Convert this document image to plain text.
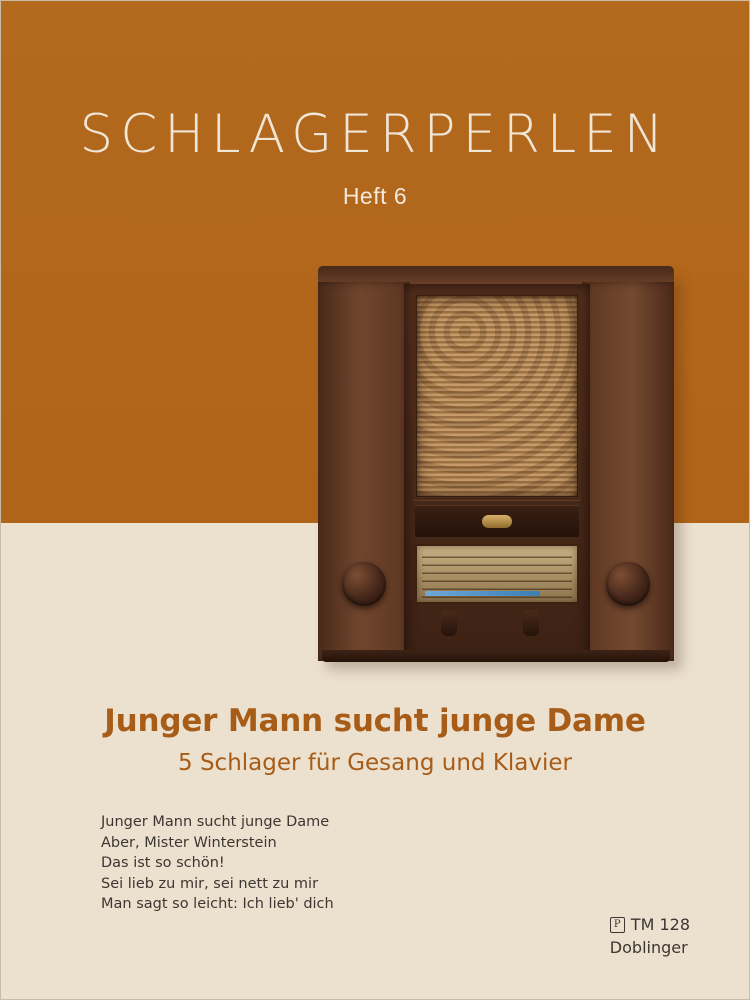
SCHLAGERPERLEN
Heft 6
Junger Mann sucht junge Dame
5 Schlager für Gesang und Klavier
Junger Mann sucht junge Dame
Aber, Mister Winterstein
Das ist so schön!
Sei lieb zu mir, sei nett zu mir
Man sagt so leicht: Ich lieb' dich
P TM 128
Doblinger
